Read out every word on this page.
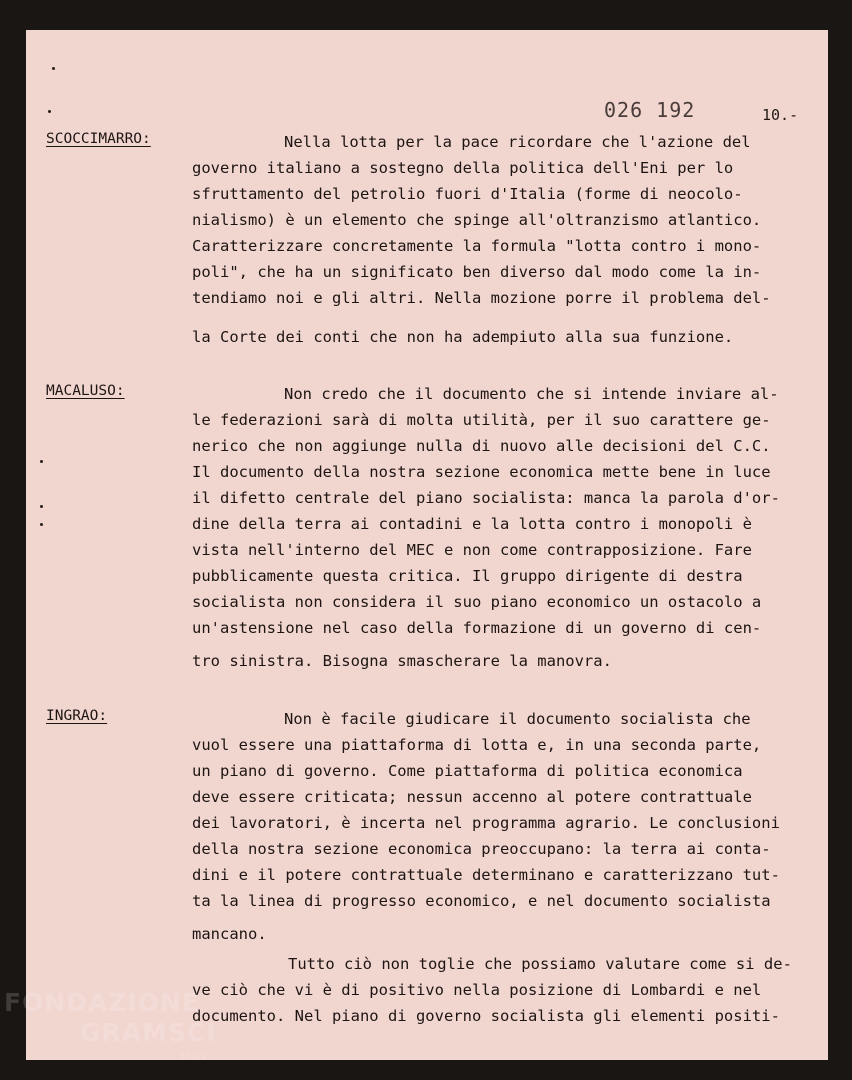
026 192	10.-
SCOCCIMARRO:	Nella lotta per la pace ricordare che l'azione del
governo italiano a sostegno della politica dell'Eni per lo
sfruttamento del petrolio fuori d'Italia (forme di neocolo-
nialismo) è un elemento che spinge all'oltranzismo atlantico.
Caratterizzare concretamente la formula "lotta contro i mono-
poli", che ha un significato ben diverso dal modo come la in-
tendiamo noi e gli altri. Nella mozione porre il problema del-
la Corte dei conti che non ha adempiuto alla sua funzione.
MACALUSO:	Non credo che il documento che si intende inviare al-
le federazioni sarà di molta utilità, per il suo carattere ge-
nerico che non aggiunge nulla di nuovo alle decisioni del C.C.
Il documento della nostra sezione economica mette bene in luce
il difetto centrale del piano socialista: manca la parola d'or-
dine della terra ai contadini e la lotta contro i monopoli è
vista nell'interno del MEC e non come contrapposizione. Fare
pubblicamente questa critica. Il gruppo dirigente di destra
socialista non considera il suo piano economico un ostacolo a
un'astensione nel caso della formazione di un governo di cen-
tro sinistra. Bisogna smascherare la manovra.
INGRAO:	Non è facile giudicare il documento socialista che
vuol essere una piattaforma di lotta e, in una seconda parte,
un piano di governo. Come piattaforma di politica economica
deve essere criticata; nessun accenno al potere contrattuale
dei lavoratori, è incerta nel programma agrario. Le conclusioni
della nostra sezione economica preoccupano: la terra ai conta-
dini e il potere contrattuale determinano e caratterizzano tut-
ta la linea di progresso economico, e nel documento socialista
mancano.
Tutto ciò non toglie che possiamo valutare come si de-
ve ciò che vi è di positivo nella posizione di Lombardi e nel
documento. Nel piano di governo socialista gli elementi positi-
FONDAZIONE
GRAMSCI
onlus
